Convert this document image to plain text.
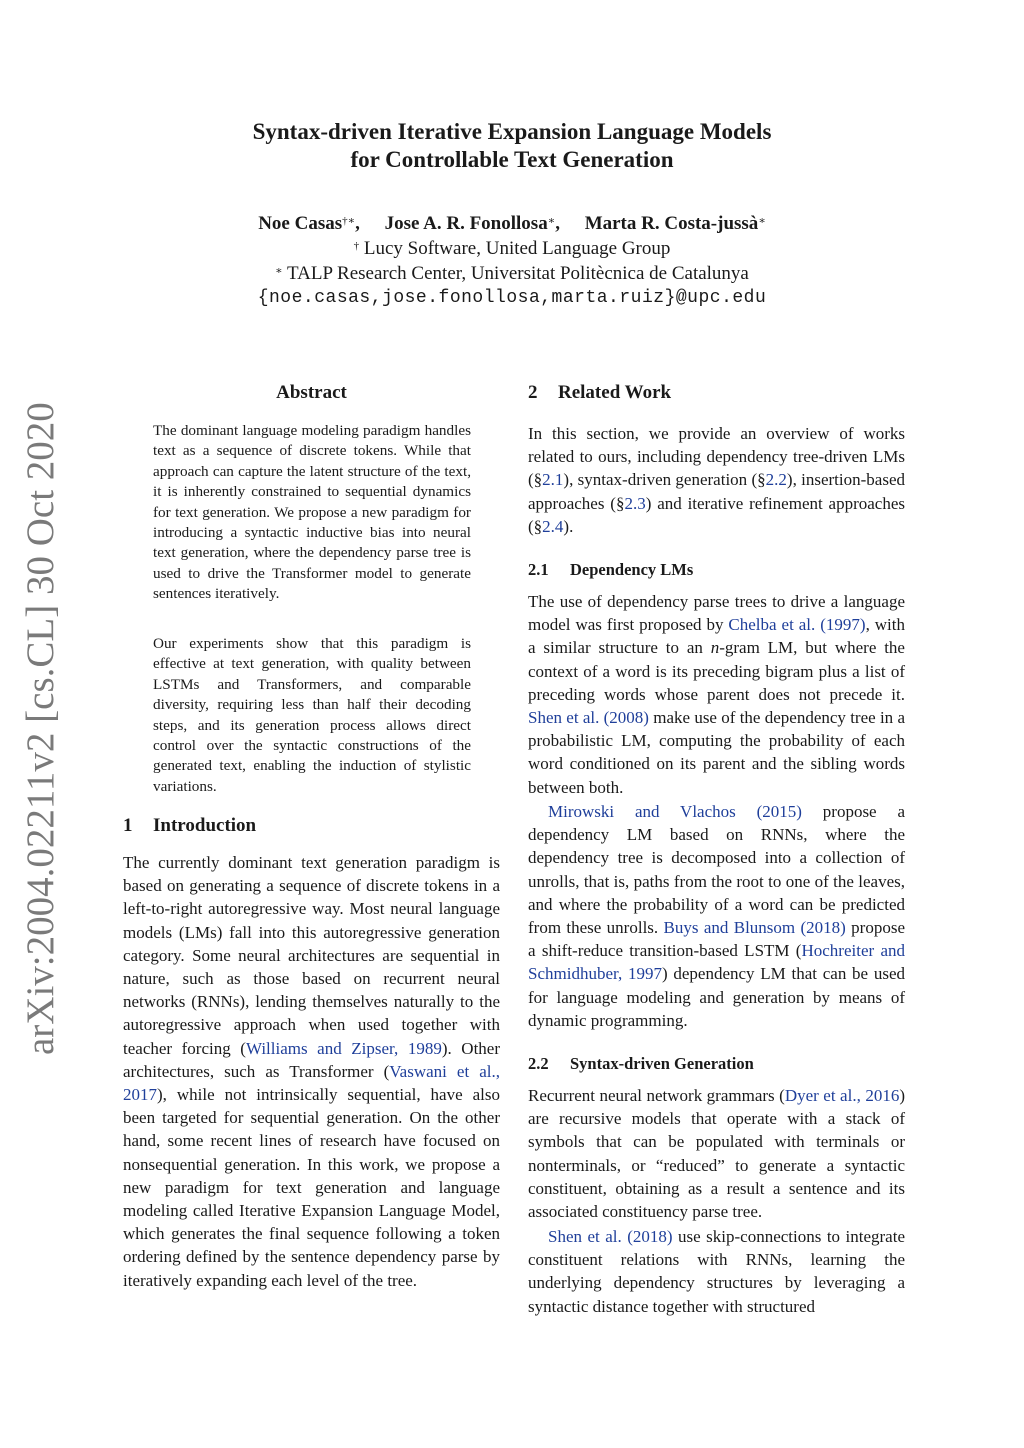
arXiv:2004.02211v2 [cs.CL] 30 Oct 2020
Syntax-driven Iterative Expansion Language Models
for Controllable Text Generation
Noe Casas†∗, Jose A. R. Fonollosa∗, Marta R. Costa-jussà∗
† Lucy Software, United Language Group
∗ TALP Research Center, Universitat Politècnica de Catalunya
{noe.casas,jose.fonollosa,marta.ruiz}@upc.edu
Abstract

The dominant language modeling paradigm handles text as a sequence of discrete tokens. While that approach can capture the latent structure of the text, it is inherently constrained to sequential dynamics for text generation. We propose a new paradigm for introducing a syntactic inductive bias into neural text generation, where the dependency parse tree is used to drive the Transformer model to generate sentences iteratively.

Our experiments show that this paradigm is effective at text generation, with quality between LSTMs and Transformers, and comparable diversity, requiring less than half their decoding steps, and its generation process allows direct control over the syntactic constructions of the generated text, enabling the induction of stylistic variations.

1 Introduction

The currently dominant text generation paradigm is based on generating a sequence of discrete tokens in a left-to-right autoregressive way. Most neural language models (LMs) fall into this autoregressive generation category. Some neural architectures are sequential in nature, such as those based on recurrent neural networks (RNNs), lending themselves naturally to the autoregressive approach when used together with teacher forcing (Williams and Zipser, 1989). Other architectures, such as Transformer (Vaswani et al., 2017), while not intrinsically sequential, have also been targeted for sequential generation. On the other hand, some recent lines of research have focused on nonsequential generation. In this work, we propose a new paradigm for text generation and language modeling called Iterative Expansion Language Model, which generates the final sequence following a token ordering defined by the sentence dependency parse by iteratively expanding each level of the tree.

2 Related Work

In this section, we provide an overview of works related to ours, including dependency tree-driven LMs (§2.1), syntax-driven generation (§2.2), insertion-based approaches (§2.3) and iterative refinement approaches (§2.4).

2.1 Dependency LMs

The use of dependency parse trees to drive a language model was first proposed by Chelba et al. (1997), with a similar structure to an n-gram LM, but where the context of a word is its preceding bigram plus a list of preceding words whose parent does not precede it. Shen et al. (2008) make use of the dependency tree in a probabilistic LM, computing the probability of each word conditioned on its parent and the sibling words between both.

Mirowski and Vlachos (2015) propose a dependency LM based on RNNs, where the dependency tree is decomposed into a collection of unrolls, that is, paths from the root to one of the leaves, and where the probability of a word can be predicted from these unrolls. Buys and Blunsom (2018) propose a shift-reduce transition-based LSTM (Hochreiter and Schmidhuber, 1997) dependency LM that can be used for language modeling and generation by means of dynamic programming.

2.2 Syntax-driven Generation

Recurrent neural network grammars (Dyer et al., 2016) are recursive models that operate with a stack of symbols that can be populated with terminals or nonterminals, or “reduced” to generate a syntactic constituent, obtaining as a result a sentence and its associated constituency parse tree.

Shen et al. (2018) use skip-connections to integrate constituent relations with RNNs, learning the underlying dependency structures by leveraging a syntactic distance together with structured
